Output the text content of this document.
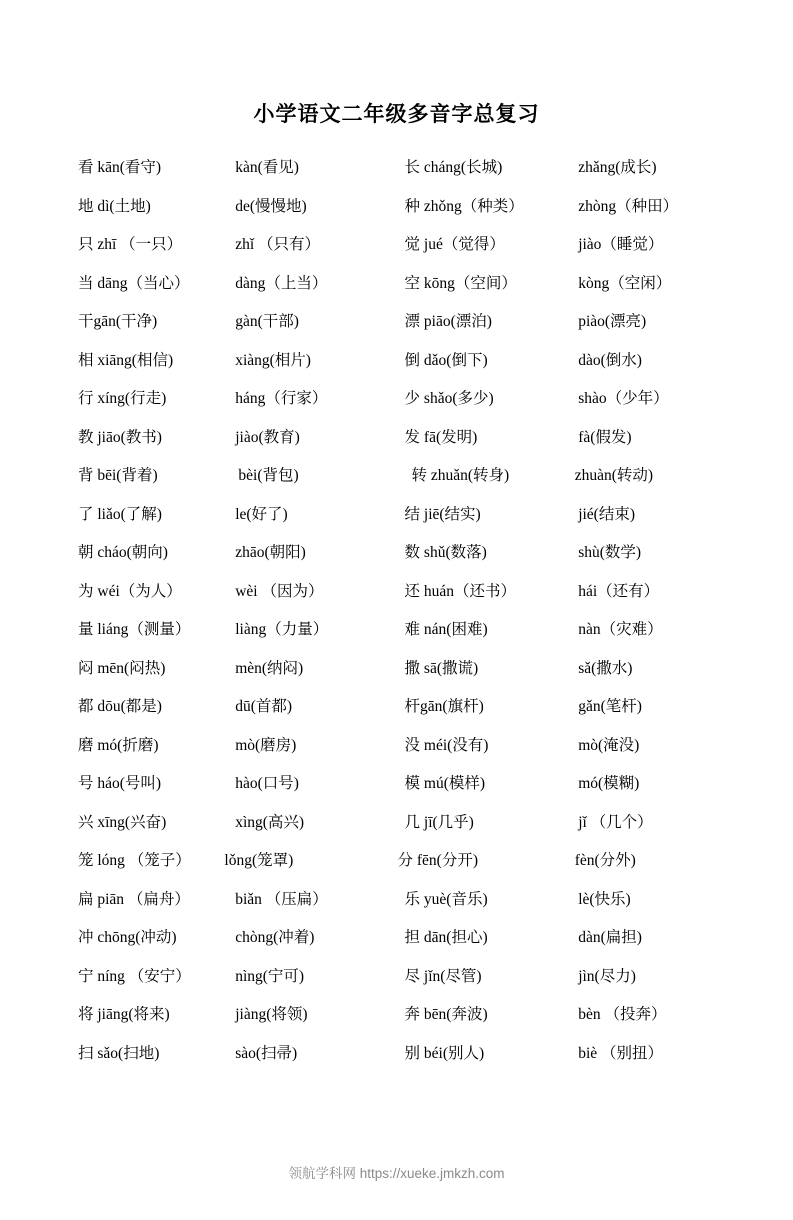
小学语文二年级多音字总复习
看 kān(看守)	kàn(看见)	长 cháng(长城)	zhǎng(成长)
地 dì(土地)	de(慢慢地)	种 zhǒng（种类）	zhòng（种田）
只 zhī （一只）	zhǐ （只有）	觉 jué（觉得）	jiào（睡觉）
当 dāng（当心）	dàng（上当）	空 kōng（空间）	kòng（空闲）
干gān(干净)	gàn(干部)	漂 piāo(漂泊)	piào(漂亮)
相 xiāng(相信)	xiàng(相片)	倒 dǎo(倒下)	dào(倒水)
行 xíng(行走)	háng（行家）	少 shǎo(多少)	shào（少年）
教 jiāo(教书)	jiào(教育)	发 fā(发明)	fà(假发)
背 bēi(背着)	bèi(背包)	转 zhuǎn(转身)	zhuàn(转动)
了 liǎo(了解)	le(好了)	结 jiē(结实)	jié(结束)
朝 cháo(朝向)	zhāo(朝阳)	数 shǔ(数落)	shù(数学)
为 wéi（为人）	wèi （因为）	还 huán（还书）	hái（还有）
量 liáng（测量）	liàng（力量）	难 nán(困难)	nàn（灾难）
闷 mēn(闷热)	mèn(纳闷)	撒 sā(撒谎)	sǎ(撒水)
都 dōu(都是)	dū(首都)	杆gān(旗杆)	gǎn(笔杆)
磨 mó(折磨)	mò(磨房)	没 méi(没有)	mò(淹没)
号 háo(号叫)	hào(口号)	模 mú(模样)	mó(模糊)
兴 xīng(兴奋)	xìng(高兴)	几 jī(几乎)	jǐ （几个）
笼 lóng （笼子）	lǒng(笼罩)	分 fēn(分开)	fèn(分外)
扁 piān （扁舟）	biǎn （压扁）	乐 yuè(音乐)	lè(快乐)
冲 chōng(冲动)	chòng(冲着)	担 dān(担心)	dàn(扁担)
宁 níng （安宁）	nìng(宁可)	尽 jǐn(尽管)	jìn(尽力)
将 jiāng(将来)	jiàng(将领)	奔 bēn(奔波)	bèn （投奔）
扫 sǎo(扫地)	sào(扫帚)	别 béi(别人)	biè （别扭）
领航学科网 https://xueke.jmkzh.com
